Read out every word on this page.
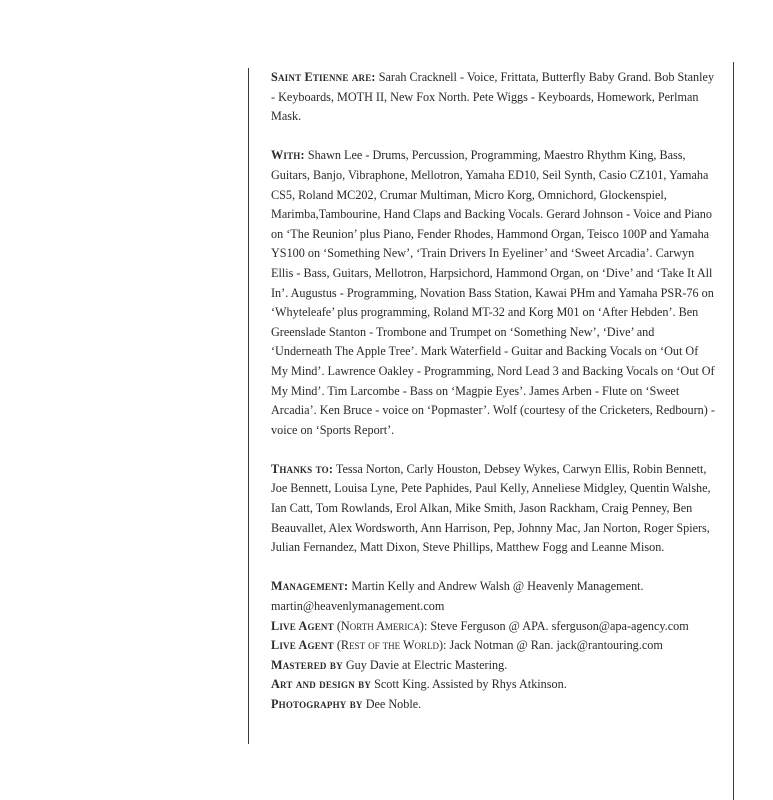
Saint Etienne are: Sarah Cracknell - Voice, Frittata, Butterfly Baby Grand. Bob Stanley - Keyboards, MOTH II, New Fox North. Pete Wiggs - Keyboards, Homework, Perlman Mask.

With: Shawn Lee - Drums, Percussion, Programming, Maestro Rhythm King, Bass, Guitars, Banjo, Vibraphone, Mellotron, Yamaha ED10, Seil Synth, Casio CZ101, Yamaha CS5, Roland MC202, Crumar Multiman, Micro Korg, Omnichord, Glockenspiel, Marimba,Tambourine, Hand Claps and Backing Vocals. Gerard Johnson - Voice and Piano on ‘The Reunion’ plus Piano, Fender Rhodes, Hammond Organ, Teisco 100P and Yamaha YS100 on ‘Something New’, ‘Train Drivers In Eyeliner’ and ‘Sweet Arcadia’. Carwyn Ellis - Bass, Guitars, Mellotron, Harpsichord, Hammond Organ, on ‘Dive’ and ‘Take It All In’. Augustus - Programming, Novation Bass Station, Kawai PHm and Yamaha PSR-76 on ‘Whyteleafe’ plus programming, Roland MT-32 and Korg M01 on ‘After Hebden’. Ben Greenslade Stanton - Trombone and Trumpet on ‘Something New’, ‘Dive’ and ‘Underneath The Apple Tree’. Mark Waterfield - Guitar and Backing Vocals on ‘Out Of My Mind’. Lawrence Oakley - Programming, Nord Lead 3 and Backing Vocals on ‘Out Of My Mind’. Tim Larcombe - Bass on ‘Magpie Eyes’. James Arben - Flute on ‘Sweet Arcadia’. Ken Bruce - voice on ‘Popmaster’. Wolf (courtesy of the Cricketers, Redbourn) - voice on ‘Sports Report’.

Thanks to: Tessa Norton, Carly Houston, Debsey Wykes, Carwyn Ellis, Robin Bennett, Joe Bennett, Louisa Lyne, Pete Paphides, Paul Kelly, Anneliese Midgley, Quentin Walshe, Ian Catt, Tom Rowlands, Erol Alkan, Mike Smith, Jason Rackham, Craig Penney, Ben Beauvallet, Alex Wordsworth, Ann Harrison, Pep, Johnny Mac, Jan Norton, Roger Spiers, Julian Fernandez, Matt Dixon, Steve Phillips, Matthew Fogg and Leanne Mison.

Management: Martin Kelly and Andrew Walsh @ Heavenly Management.
martin@heavenlymanagement.com

Live Agent (North America): Steve Ferguson @ APA. sferguson@apa-agency.com

Live Agent (Rest of the World): Jack Notman @ Ran. jack@rantouring.com

Mastered by Guy Davie at Electric Mastering.

Art and design by Scott King. Assisted by Rhys Atkinson.

Photography by Dee Noble.
